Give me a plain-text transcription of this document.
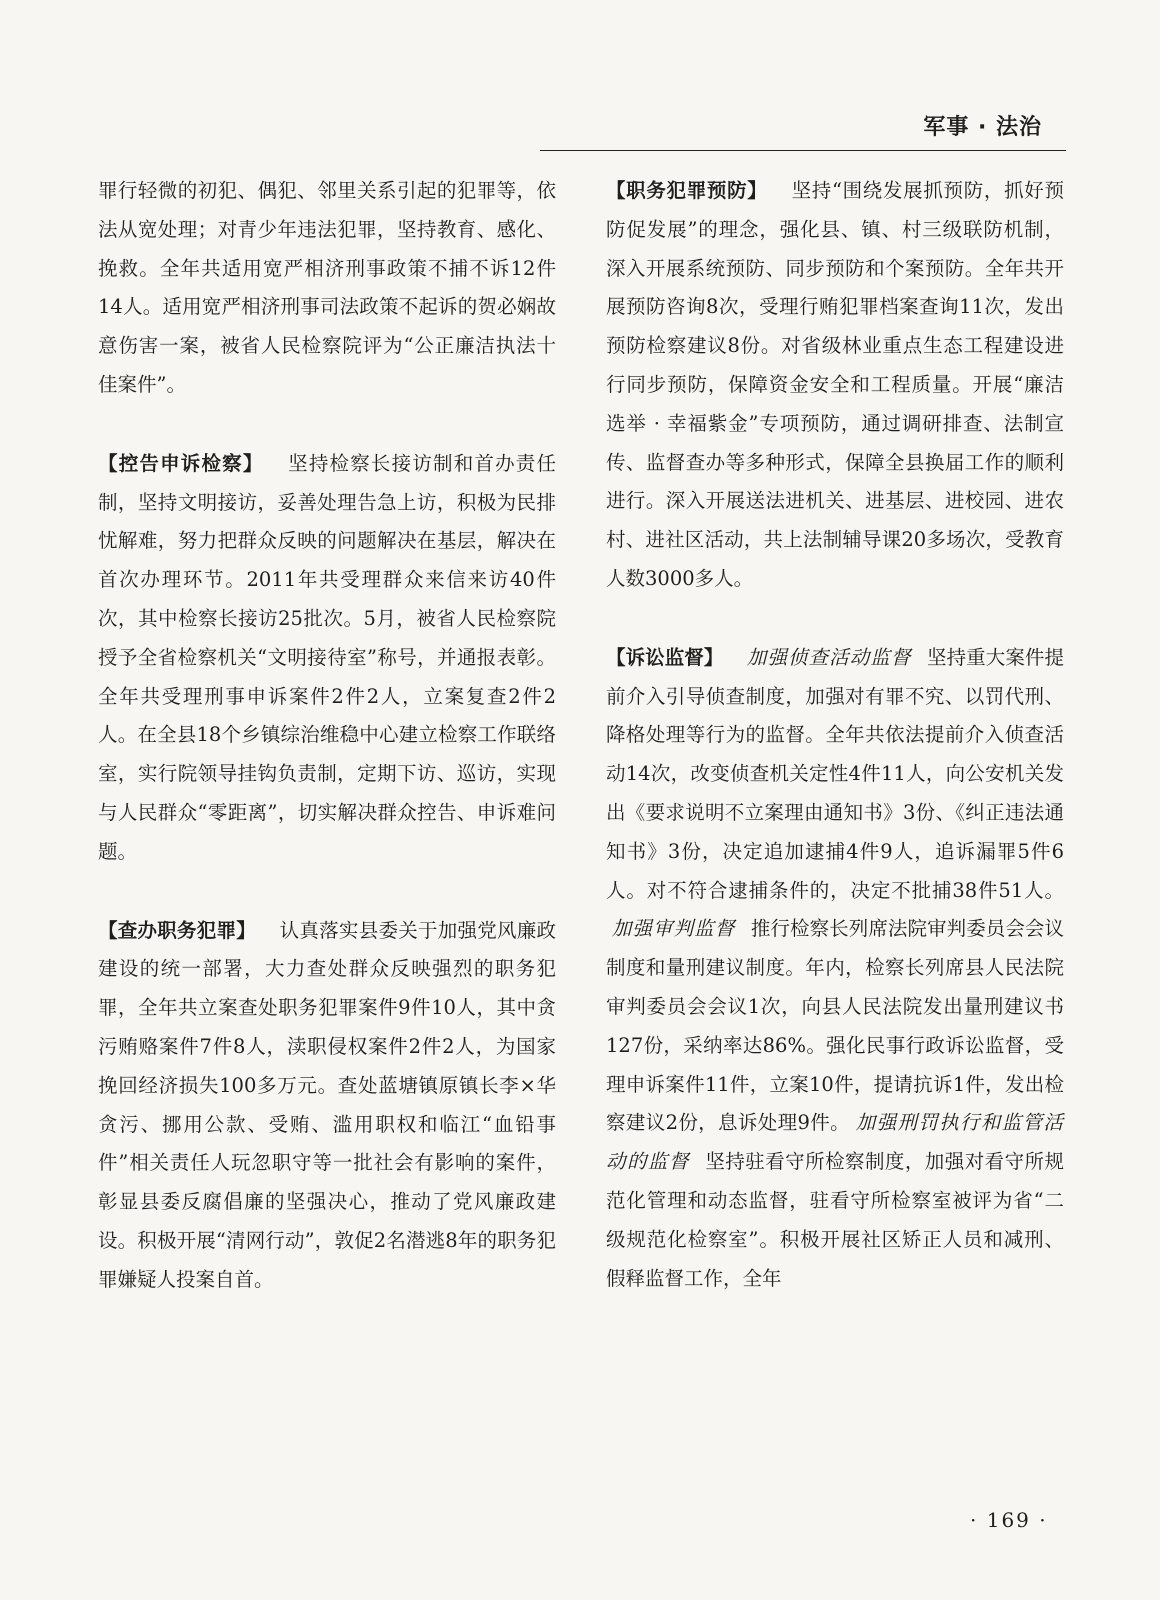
军事 · 法治

罪行轻微的初犯、偶犯、邻里关系引起的犯罪等，依法从宽处理；对青少年违法犯罪，坚持教育、感化、挽救。全年共适用宽严相济刑事政策不捕不诉12件14人。适用宽严相济刑事司法政策不起诉的贺必娴故意伤害一案，被省人民检察院评为“公正廉洁执法十佳案件”。

【控告申诉检察】 坚持检察长接访制和首办责任制，坚持文明接访，妥善处理告急上访，积极为民排忧解难，努力把群众反映的问题解决在基层，解决在首次办理环节。2011年共受理群众来信来访40件次，其中检察长接访25批次。5月，被省人民检察院授予全省检察机关“文明接待室”称号，并通报表彰。全年共受理刑事申诉案件2件2人，立案复查2件2人。在全县18个乡镇综治维稳中心建立检察工作联络室，实行院领导挂钩负责制，定期下访、巡访，实现与人民群众“零距离”，切实解决群众控告、申诉难问题。

【查办职务犯罪】 认真落实县委关于加强党风廉政建设的统一部署，大力查处群众反映强烈的职务犯罪，全年共立案查处职务犯罪案件9件10人，其中贪污贿赂案件7件8人，渎职侵权案件2件2人，为国家挽回经济损失100多万元。查处蓝塘镇原镇长李×华贪污、挪用公款、受贿、滥用职权和临江“血铅事件”相关责任人玩忽职守等一批社会有影响的案件，彰显县委反腐倡廉的坚强决心，推动了党风廉政建设。积极开展“清网行动”，敦促2名潜逃8年的职务犯罪嫌疑人投案自首。

【职务犯罪预防】 坚持“围绕发展抓预防，抓好预防促发展”的理念，强化县、镇、村三级联防机制，深入开展系统预防、同步预防和个案预防。全年共开展预防咨询8次，受理行贿犯罪档案查询11次，发出预防检察建议8份。对省级林业重点生态工程建设进行同步预防，保障资金安全和工程质量。开展“廉洁选举 · 幸福紫金”专项预防，通过调研排查、法制宣传、监督查办等多种形式，保障全县换届工作的顺利进行。深入开展送法进机关、进基层、进校园、进农村、进社区活动，共上法制辅导课20多场次，受教育人数3000多人。

【诉讼监督】 加强侦查活动监督 坚持重大案件提前介入引导侦查制度，加强对有罪不究、以罚代刑、降格处理等行为的监督。全年共依法提前介入侦查活动14次，改变侦查机关定性4件11人，向公安机关发出《要求说明不立案理由通知书》3份、《纠正违法通知书》3份，决定追加逮捕4件9人，追诉漏罪5件6人。对不符合逮捕条件的，决定不批捕38件51人。加强审判监督 推行检察长列席法院审判委员会会议制度和量刑建议制度。年内，检察长列席县人民法院审判委员会会议1次，向县人民法院发出量刑建议书127份，采纳率达86%。强化民事行政诉讼监督，受理申诉案件11件，立案10件，提请抗诉1件，发出检察建议2份，息诉处理9件。 加强刑罚执行和监管活动的监督 坚持驻看守所检察制度，加强对看守所规范化管理和动态监督，驻看守所检察室被评为省“二级规范化检察室”。积极开展社区矫正人员和减刑、假释监督工作，全年

· 169 ·
